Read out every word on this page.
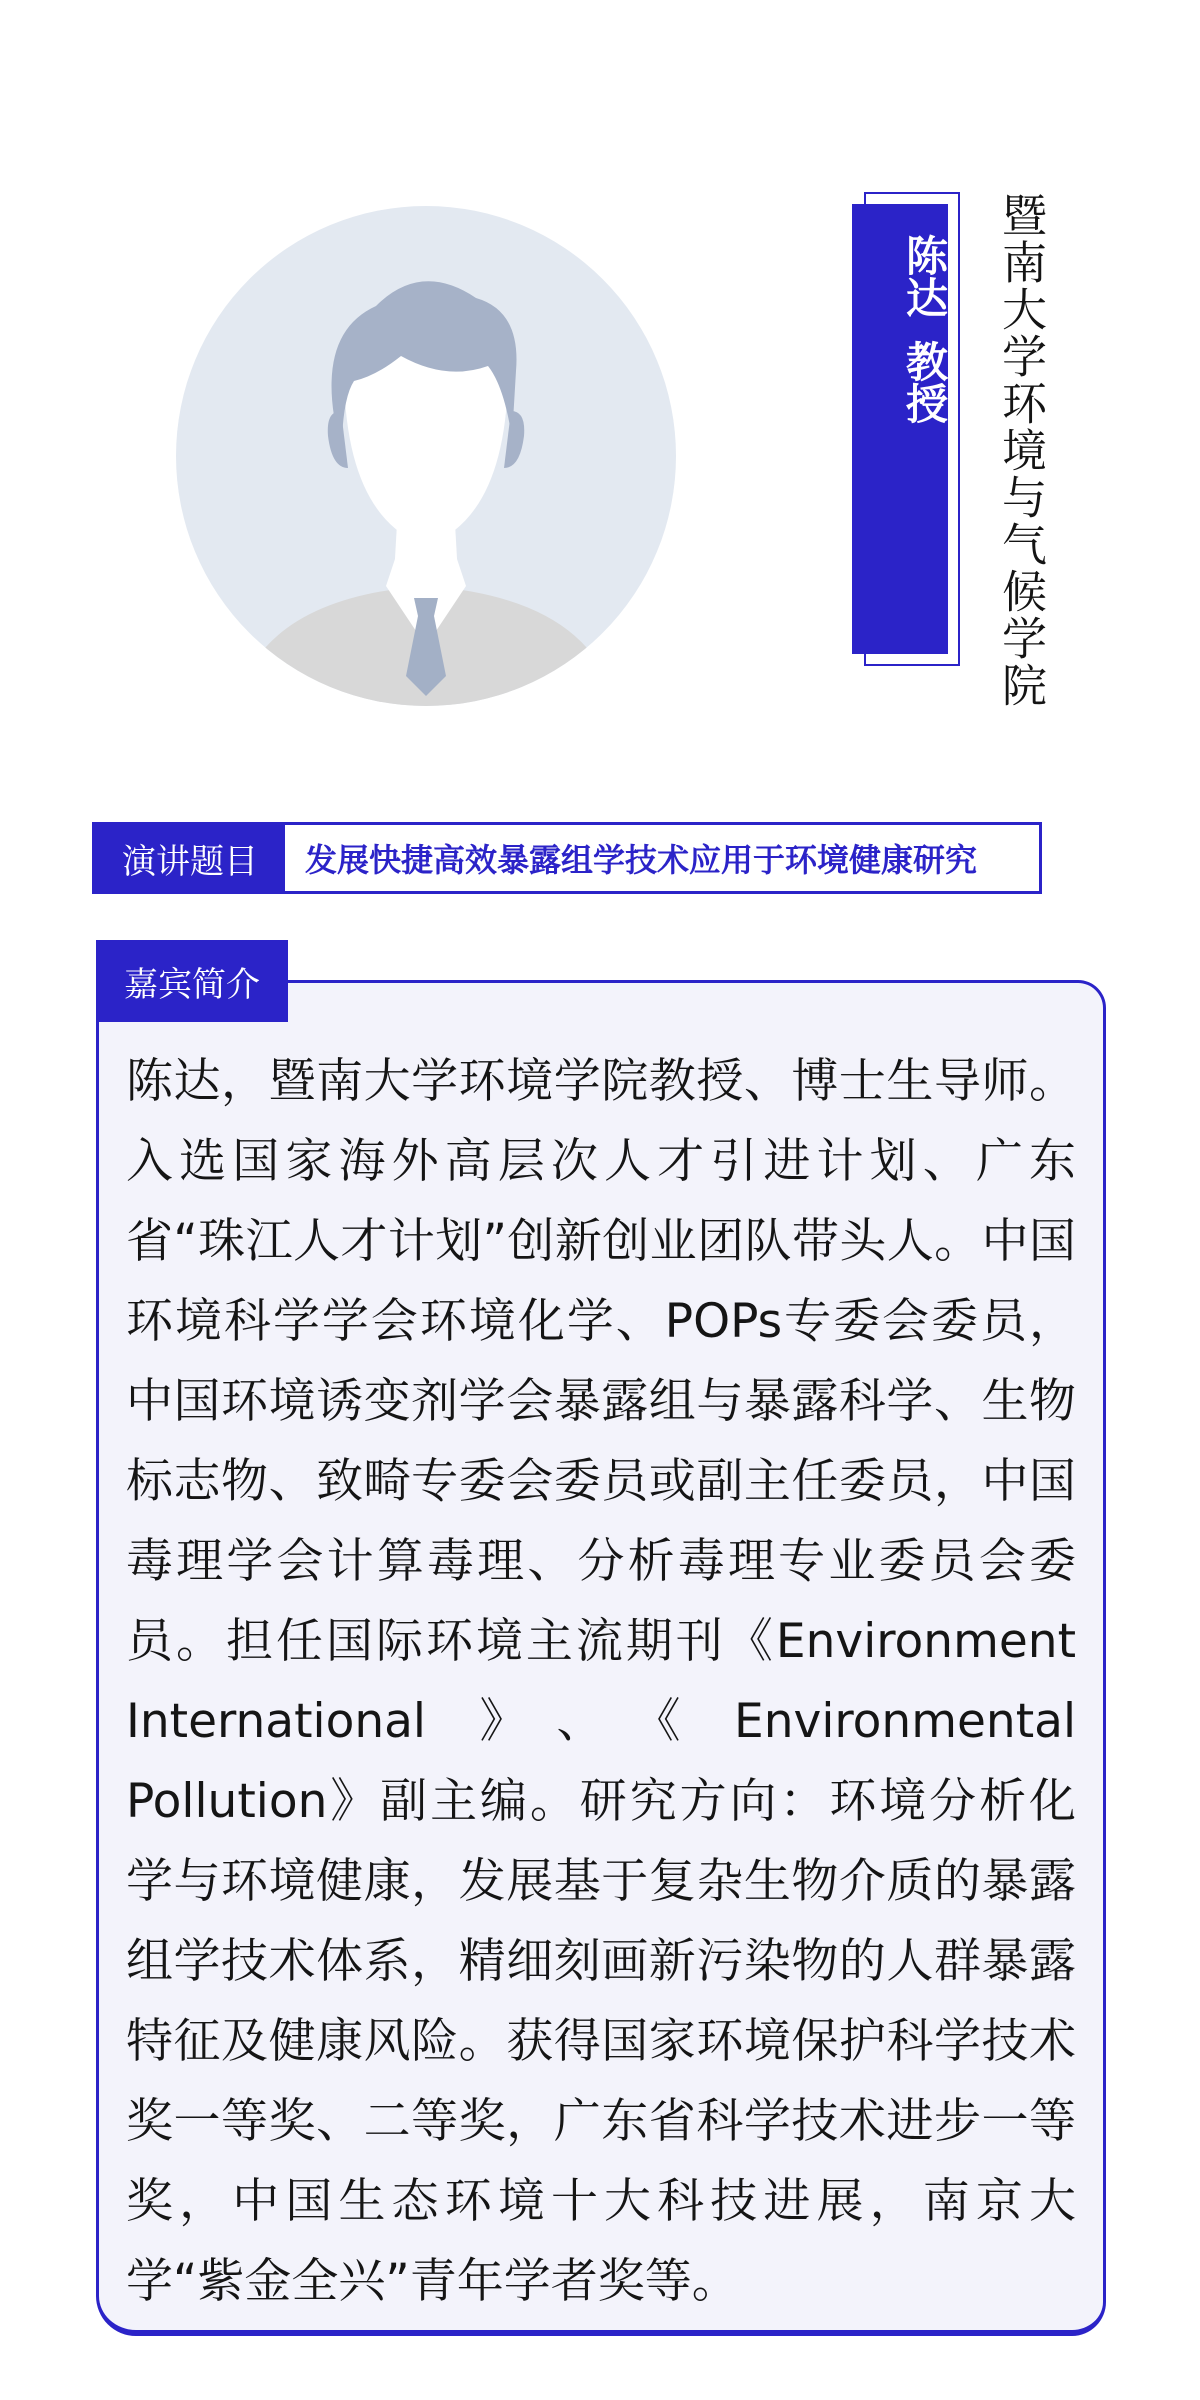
陈达
教授 暨南大学环境与气候学院
演讲题目	发展快捷高效暴露组学技术应用于环境健康研究
嘉宾简介

陈达，暨南大学环境学院教授、博士生导师。入选国家海外高层次人才引进计划、广东省“珠江人才计划”创新创业团队带头人。中国环境科学学会环境化学、POPs专委会委员，中国环境诱变剂学会暴露组与暴露科学、生物标志物、致畸专委会委员或副主任委员，中国毒理学会计算毒理、分析毒理专业委员会委员。担任国际环境主流期刊《Environment International》、《Environmental Pollution》副主编。研究方向：环境分析化学与环境健康，发展基于复杂生物介质的暴露组学技术体系，精细刻画新污染物的人群暴露特征及健康风险。获得国家环境保护科学技术奖一等奖、二等奖，广东省科学技术进步一等奖，中国生态环境十大科技进展，南京大学“紫金全兴”青年学者奖等。
